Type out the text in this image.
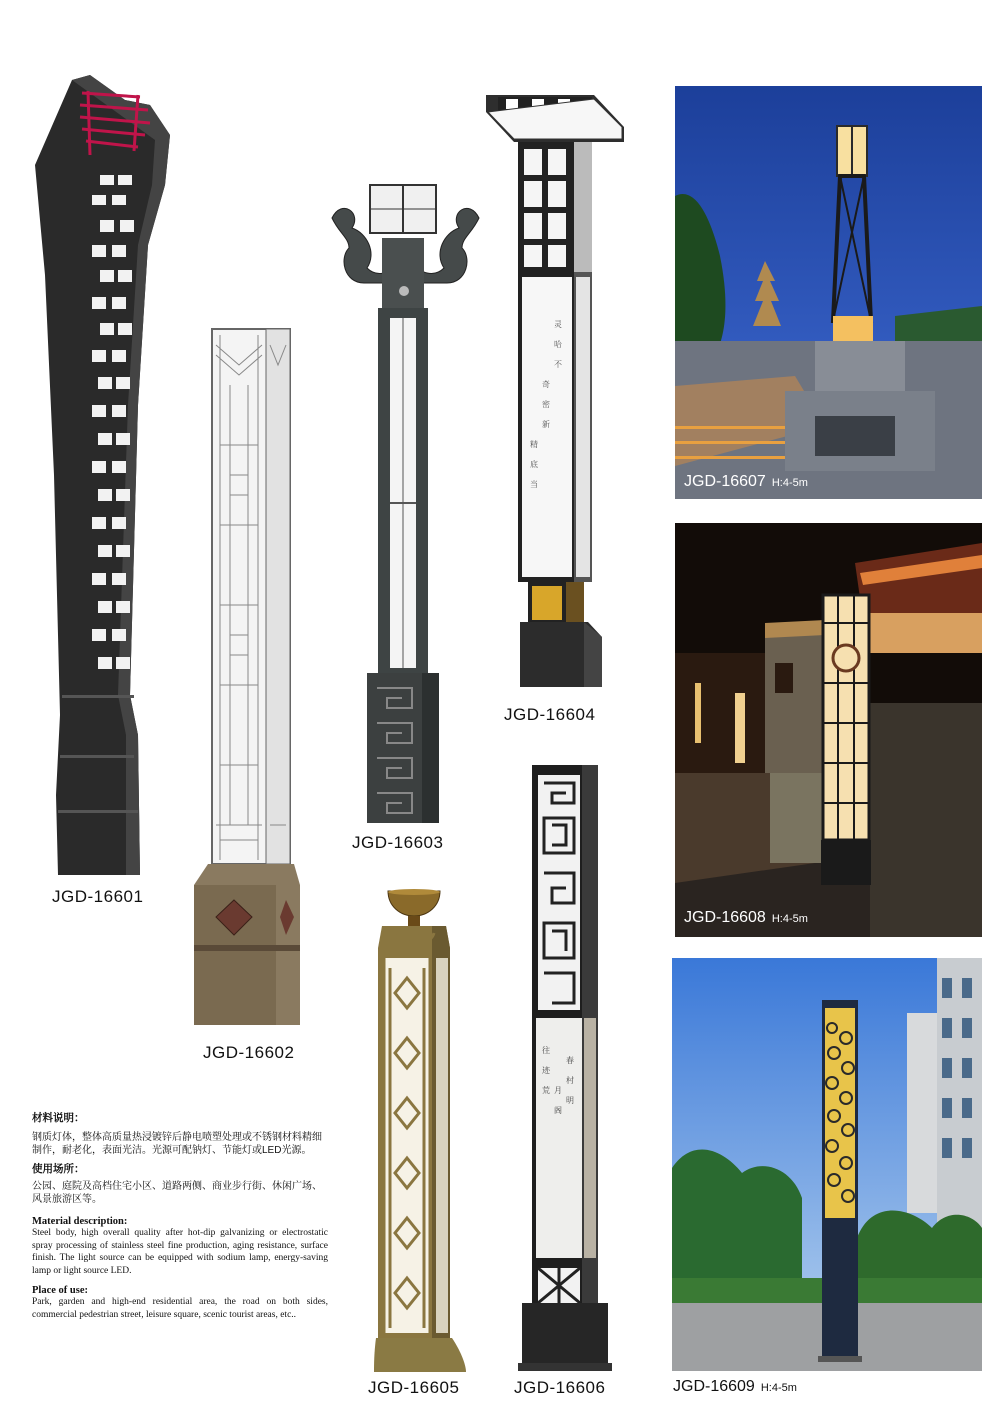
JGD-16601
JGD-16602
JGD-16603
灵
哈
不
奇
密
新
精
底
当
JGD-16604
JGD-16605
春
村
明
月
阁
往
迹
荒
JGD-16606
JGD-16607 H:4-5m
JGD-16608 H:4-5m
JGD-16609 H:4-5m
材料说明：
钢质灯体，整体高质量热浸镀锌后静电喷塑处理或不锈钢材料精细制作，耐老化，表面光洁。光源可配钠灯、节能灯或LED光源。
使用场所：
公园、庭院及高档住宅小区、道路两侧、商业步行街、休闲广场、风景旅游区等。
Material description:
Steel body, high overall quality after hot-dip galvanizing or electrostatic spray processing of stainless steel fine production, aging resistance, surface finish. The light source can be equipped with sodium lamp, energy-saving lamp or light source LED.
Place of use:
Park, garden and high-end residential area, the road on both sides, commercial pedestrian street, leisure square, scenic tourist areas, etc..
